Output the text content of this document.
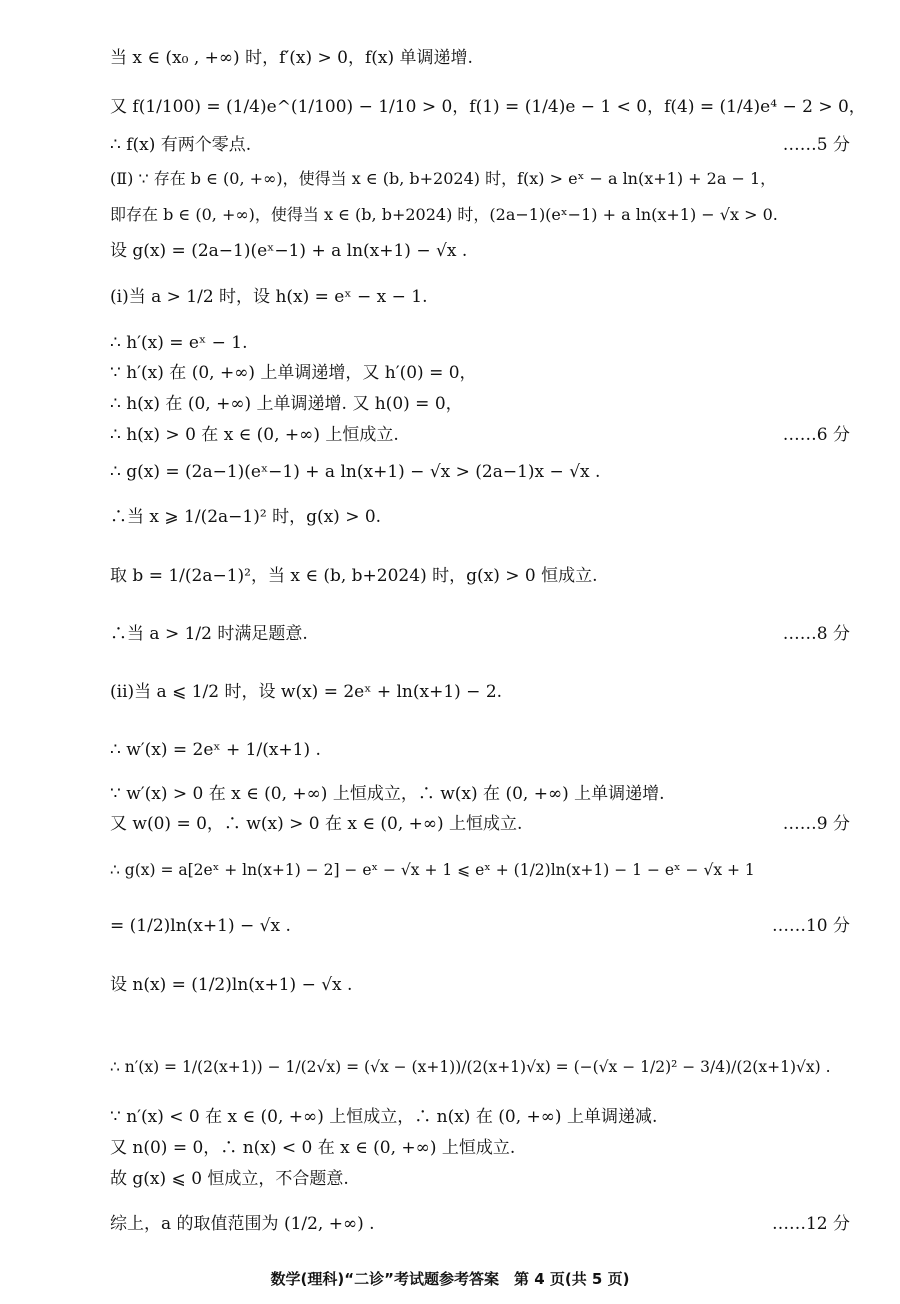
当 x ∈ (x₀ , +∞) 时，f′(x) > 0，f(x) 单调递增.
又 f(1/100) = (1/4)e^(1/100) − 1/10 > 0，f(1) = (1/4)e − 1 < 0，f(4) = (1/4)e⁴ − 2 > 0，
∴ f(x) 有两个零点.	……5 分
(Ⅱ) ∵ 存在 b ∈ (0, +∞)，使得当 x ∈ (b, b+2024) 时，f(x) > eˣ − a ln(x+1) + 2a − 1，
即存在 b ∈ (0, +∞)，使得当 x ∈ (b, b+2024) 时，(2a−1)(eˣ−1) + a ln(x+1) − √x > 0.
设 g(x) = (2a−1)(eˣ−1) + a ln(x+1) − √x .
(i)当 a > 1/2 时，设 h(x) = eˣ − x − 1.
∴ h′(x) = eˣ − 1.
∵ h′(x) 在 (0, +∞) 上单调递增，又 h′(0) = 0，
∴ h(x) 在 (0, +∞) 上单调递增. 又 h(0) = 0，
∴ h(x) > 0 在 x ∈ (0, +∞) 上恒成立.	……6 分
∴ g(x) = (2a−1)(eˣ−1) + a ln(x+1) − √x > (2a−1)x − √x .
∴当 x ⩾ 1/(2a−1)² 时，g(x) > 0.
取 b = 1/(2a−1)²，当 x ∈ (b, b+2024) 时，g(x) > 0 恒成立.
∴当 a > 1/2 时满足题意.	……8 分
(ii)当 a ⩽ 1/2 时，设 w(x) = 2eˣ + ln(x+1) − 2.
∴ w′(x) = 2eˣ + 1/(x+1) .
∵ w′(x) > 0 在 x ∈ (0, +∞) 上恒成立，∴ w(x) 在 (0, +∞) 上单调递增.
又 w(0) = 0，∴ w(x) > 0 在 x ∈ (0, +∞) 上恒成立.	……9 分
∴ g(x) = a[2eˣ + ln(x+1) − 2] − eˣ − √x + 1 ⩽ eˣ + (1/2)ln(x+1) − 1 − eˣ − √x + 1
= (1/2)ln(x+1) − √x .	……10 分
设 n(x) = (1/2)ln(x+1) − √x .
∴ n′(x) = 1/(2(x+1)) − 1/(2√x) = (√x − (x+1))/(2(x+1)√x) = (−(√x − 1/2)² − 3/4)/(2(x+1)√x) .
∵ n′(x) < 0 在 x ∈ (0, +∞) 上恒成立，∴ n(x) 在 (0, +∞) 上单调递减.
又 n(0) = 0，∴ n(x) < 0 在 x ∈ (0, +∞) 上恒成立.
故 g(x) ⩽ 0 恒成立，不合题意.
综上，a 的取值范围为 (1/2, +∞) .	……12 分
数学(理科)“二诊”考试题参考答案　第 4 页(共 5 页)
